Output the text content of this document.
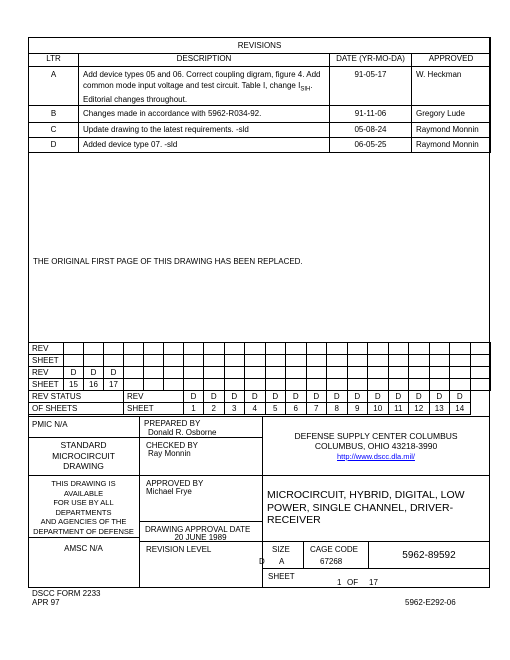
REVISIONS			
LTR	DESCRIPTION	DATE (YR-MO-DA)	APPROVED
A	Add device types 05 and 06. Correct coupling digram, figure 4. Add
common mode input voltage and test circuit. Table I, change $I_{SIH}$.
Editorial changes throughout.	91-05-17	W. Heckman
B	Changes made in accordance with 5962-R034-92.	91-11-06	Gregory Lude
C	Update drawing to the latest requirements. -sld	05-08-24	Raymond Monnin
D	Added device type 07. -sld	06-05-25	Raymond Monnin
THE ORIGINAL FIRST PAGE OF THIS DRAWING HAS BEEN REPLACED.
REV																					
SHEET																					
REV	D	D	D																		
SHEET	15	16	17																		
REV STATUS				REV			D	D	D	D	D	D	D	D	D	D	D	D	D	D	
OF SHEETS				SHEET			1	2	3	4	5	6	7	8	9	10	11	12	13	14	
PMIC N/A	PREPARED BY
Donald R. Osborne
STANDARD
MICROCIRCUIT
DRAWING
CHECKED BY
Ray Monnin
DEFENSE SUPPLY CENTER COLUMBUS
COLUMBUS, OHIO 43218-3990
http://www.dscc.dla.mil/
THIS DRAWING IS
AVAILABLE
FOR USE BY ALL
DEPARTMENTS
AND AGENCIES OF THE
DEPARTMENT OF DEFENSE
APPROVED BY
Michael Frye	MICROCIRCUIT, HYBRID, DIGITAL, LOW
POWER, SINGLE CHANNEL, DRIVER-
RECEIVER
DRAWING APPROVAL DATE
20 JUNE 1989
AMSC N/A	REVISION LEVEL
D
SIZE
A
CAGE CODE
67268
5962-89592
SHEET
1 OF 17
DSCC FORM 2233
APR 97	5962-E292-06
